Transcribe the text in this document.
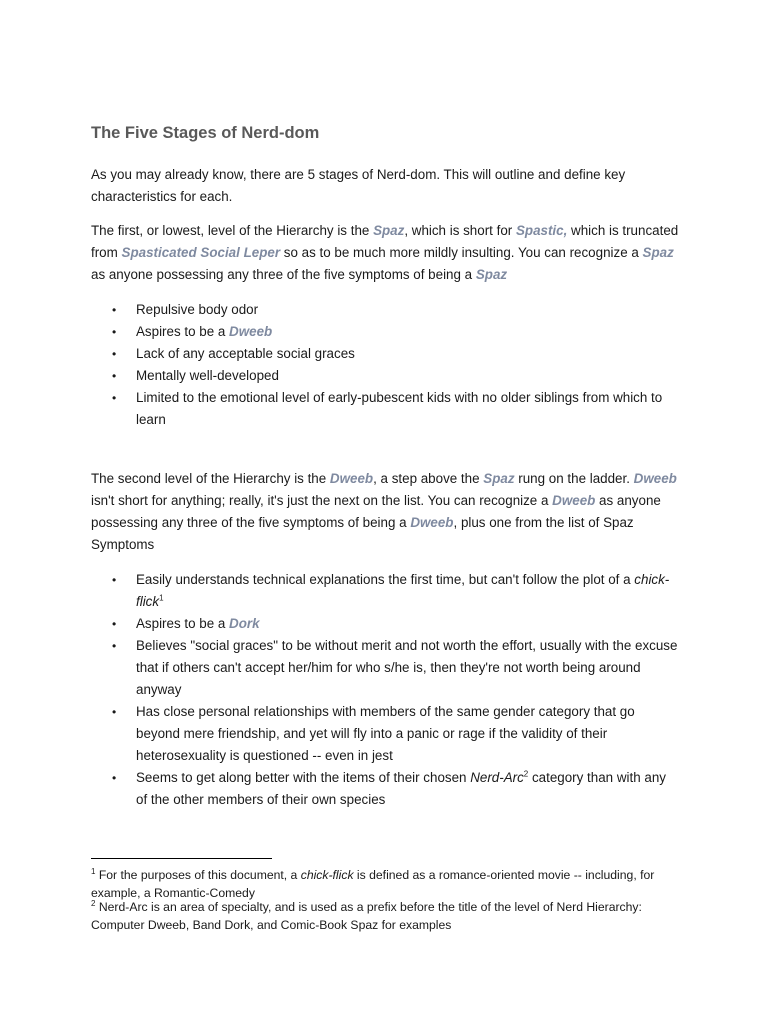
The Five Stages of Nerd-dom

As you may already know, there are 5 stages of Nerd-dom. This will outline and define key characteristics for each.

The first, or lowest, level of the Hierarchy is the Spaz, which is short for Spastic, which is truncated from Spasticated Social Leper so as to be much more mildly insulting. You can recognize a Spaz as anyone possessing any three of the five symptoms of being a Spaz

• Repulsive body odor
• Aspires to be a Dweeb
• Lack of any acceptable social graces
• Mentally well-developed
• Limited to the emotional level of early-pubescent kids with no older siblings from which to learn

The second level of the Hierarchy is the Dweeb, a step above the Spaz rung on the ladder. Dweeb isn't short for anything; really, it's just the next on the list. You can recognize a Dweeb as anyone possessing any three of the five symptoms of being a Dweeb, plus one from the list of Spaz Symptoms

• Easily understands technical explanations the first time, but can't follow the plot of a chick-flick$^1$
• Aspires to be a Dork
• Believes "social graces" to be without merit and not worth the effort, usually with the excuse that if others can't accept her/him for who s/he is, then they're not worth being around anyway
• Has close personal relationships with members of the same gender category that go beyond mere friendship, and yet will fly into a panic or rage if the validity of their heterosexuality is questioned -- even in jest
• Seems to get along better with the items of their chosen Nerd-Arc$^2$ category than with any of the other members of their own species

$^1$ For the purposes of this document, a chick-flick is defined as a romance-oriented movie -- including, for example, a Romantic-Comedy

$^2$ Nerd-Arc is an area of specialty, and is used as a prefix before the title of the level of Nerd Hierarchy: Computer Dweeb, Band Dork, and Comic-Book Spaz for examples
